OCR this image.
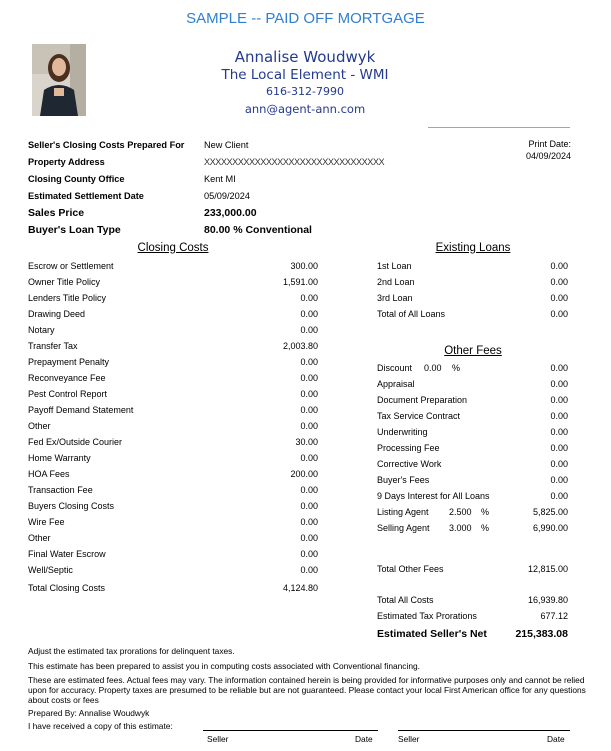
SAMPLE -- PAID OFF MORTGAGE
Annalise Woudwyk
The Local Element - WMI
616-312-7990
ann@agent-ann.com
Print Date:
04/09/2024
Seller's Closing Costs Prepared For New Client
Property Address	XXXXXXXXXXXXXXXXXXXXXXXXXXXXXXXX
Closing County Office	Kent MI
Estimated Settlement Date	05/09/2024
Sales Price	233,000.00
Buyer's Loan Type	80.00 % Conventional
Closing Costs
Escrow or Settlement	300.00
Owner Title Policy	1,591.00
Lenders Title Policy	0.00
Drawing Deed	0.00
Notary	0.00
Transfer Tax	2,003.80
Prepayment Penalty	0.00
Reconveyance Fee	0.00
Pest Control Report	0.00
Payoff Demand Statement	0.00
Other	0.00
Fed Ex/Outside Courier	30.00
Home Warranty	0.00
HOA Fees	200.00
Transaction Fee	0.00
Buyers Closing Costs	0.00
Wire Fee	0.00
Other	0.00
Final Water Escrow	0.00
Well/Septic	0.00
Total Closing Costs	4,124.80
Existing Loans
1st Loan	0.00
2nd Loan	0.00
3rd Loan	0.00
Total of All Loans	0.00
Other Fees
Discount 0.00 %	0.00
Appraisal	0.00
Document Preparation	0.00
Tax Service Contract	0.00
Underwriting	0.00
Processing Fee	0.00
Corrective Work	0.00
Buyer's Fees	0.00
9 Days Interest for All Loans	0.00
Listing Agent 2.500 %	5,825.00
Selling Agent 3.000 %	6,990.00
Total Other Fees	12,815.00
Total All Costs	16,939.80
Estimated Tax Prorations	677.12
Estimated Seller's Net	215,383.08
Adjust the estimated tax prorations for delinquent taxes.
This estimate has been prepared to assist you in computing costs associated with Conventional financing.
These are estimated fees. Actual fees may vary. The information contained herein is being provided for informative purposes only and cannot be relied upon for accuracy. Property taxes are presumed to be reliable but are not guaranteed. Please contact your local First American office for any questions about costs or fees
Prepared By: Annalise Woudwyk
I have received a copy of this estimate:
Seller	Date	Seller	Date
